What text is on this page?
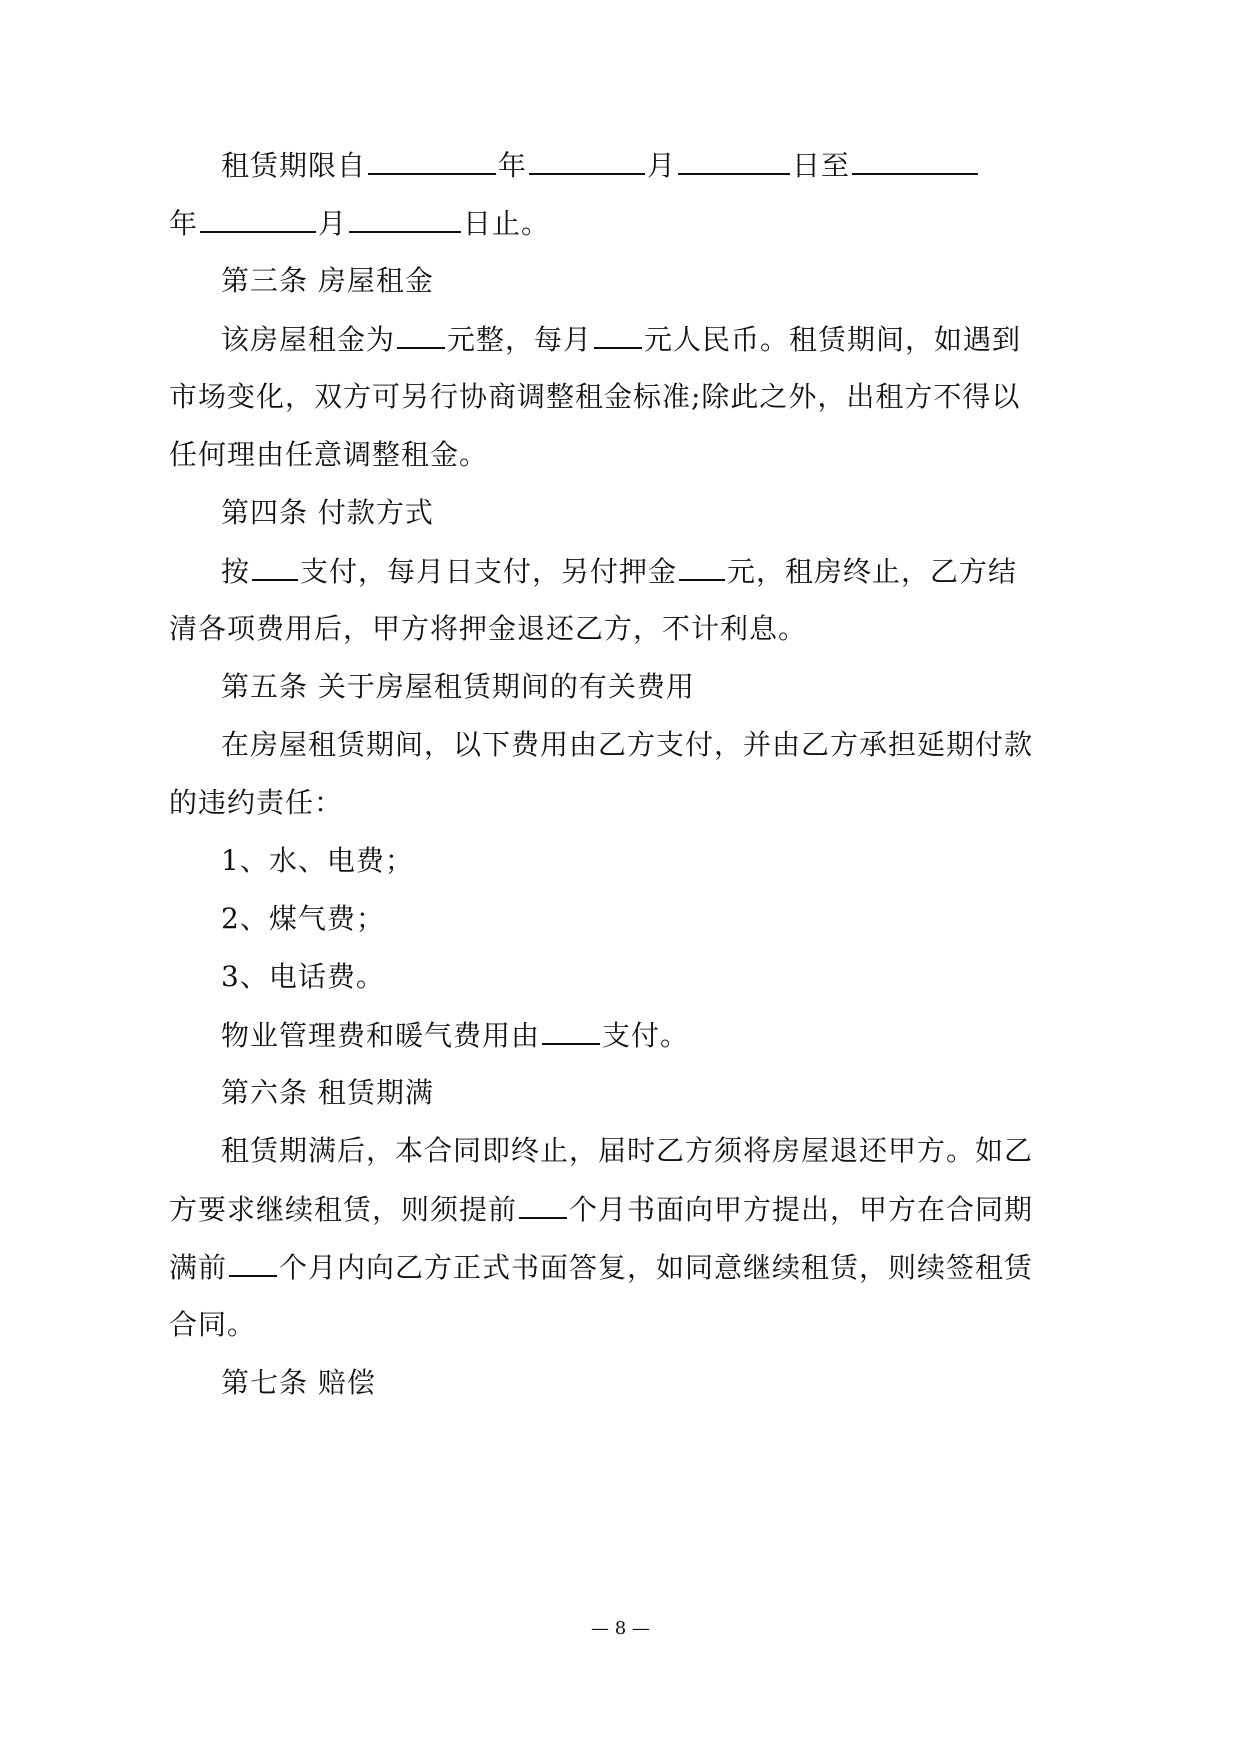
租赁期限自	年	月	日至
年	月	日止。
第三条 房屋租金
该房屋租金为 元整，每月 元人民币。租赁期间，如遇到
市场变化，双方可另行协商调整租金标准;除此之外，出租方不得以
任何理由任意调整租金。
第四条 付款方式
按 支付，每月日支付，另付押金 元，租房终止，乙方结
清各项费用后，甲方将押金退还乙方，不计利息。
第五条 关于房屋租赁期间的有关费用
在房屋租赁期间，以下费用由乙方支付，并由乙方承担延期付款
的违约责任：
1、水、电费；
2、煤气费；
3、电话费。
物业管理费和暖气费用由 支付。
第六条 租赁期满
租赁期满后，本合同即终止，届时乙方须将房屋退还甲方。如乙
方要求继续租赁，则须提前 个月书面向甲方提出，甲方在合同期
满前 个月内向乙方正式书面答复，如同意继续租赁，则续签租赁
合同。
第七条 赔偿
— 8 —
